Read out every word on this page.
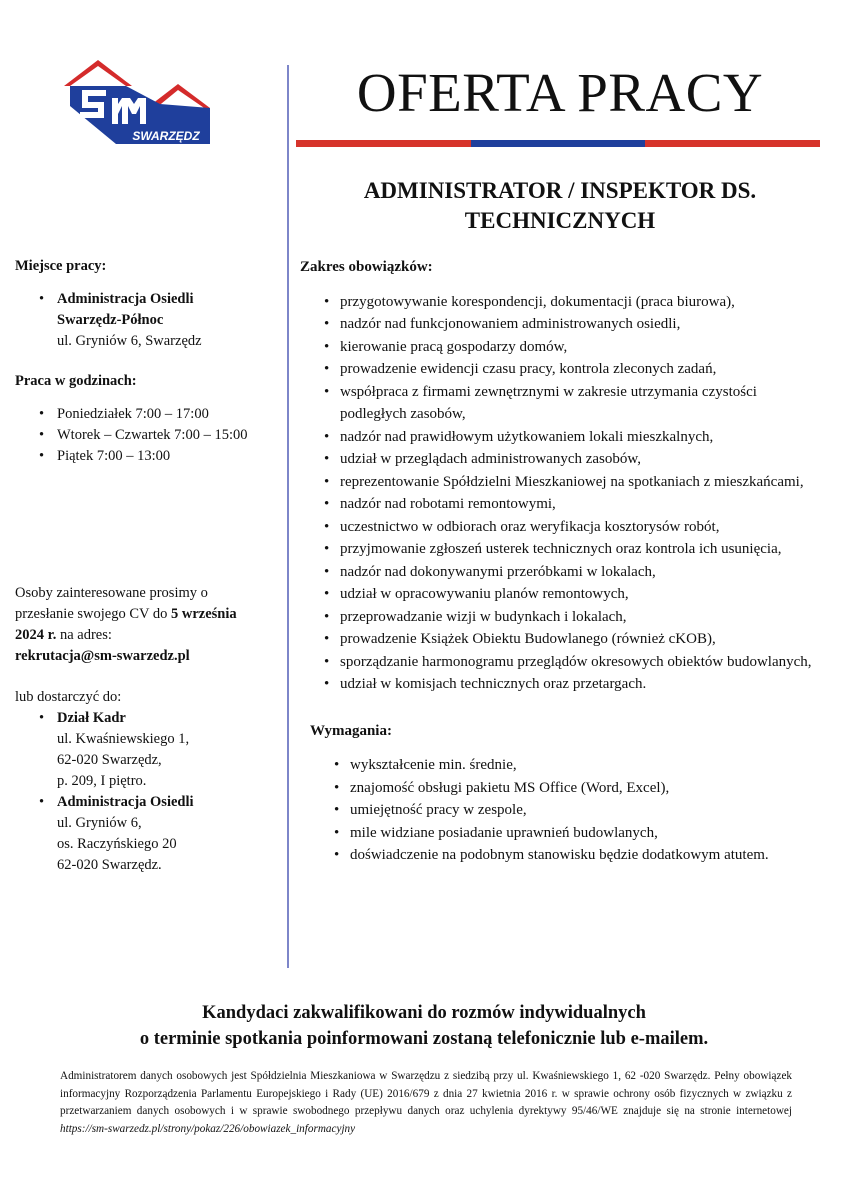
SWARZĘDZ
OFERTA PRACY
ADMINISTRATOR / INSPEKTOR DS.
TECHNICZNYCH

Miejsce pracy:

• Administracja Osiedli
Swarzędz-Północ
ul. Gryniów 6, Swarzędz

Praca w godzinach:

• Poniedziałek 7:00 – 17:00
• Wtorek – Czwartek 7:00 – 15:00
• Piątek 7:00 – 13:00
Osoby zainteresowane prosimy o
przesłanie swojego CV do 5 września
2024 r. na adres:
rekrutacja@sm-swarzedz.pl
lub dostarczyć do:
• Dział Kadr
ul. Kwaśniewskiego 1,
62-020 Swarzędz,
p. 209, I piętro.
• Administracja Osiedli
ul. Gryniów 6,
os. Raczyńskiego 20
62-020 Swarzędz.

Zakres obowiązków:

• przygotowywanie korespondencji, dokumentacji (praca biurowa),
• nadzór nad funkcjonowaniem administrowanych osiedli,
• kierowanie pracą gospodarzy domów,
• prowadzenie ewidencji czasu pracy, kontrola zleconych zadań,
• współpraca z firmami zewnętrznymi w zakresie utrzymania czystości podległych zasobów,
• nadzór nad prawidłowym użytkowaniem lokali mieszkalnych,
• udział w przeglądach administrowanych zasobów,
• reprezentowanie Spółdzielni Mieszkaniowej na spotkaniach z mieszkańcami,
• nadzór nad robotami remontowymi,
• uczestnictwo w odbiorach oraz weryfikacja kosztorysów robót,
• przyjmowanie zgłoszeń usterek technicznych oraz kontrola ich usunięcia,
• nadzór nad dokonywanymi przeróbkami w lokalach,
• udział w opracowywaniu planów remontowych,
• przeprowadzanie wizji w budynkach i lokalach,
• prowadzenie Książek Obiektu Budowlanego (również cKOB),
• sporządzanie harmonogramu przeglądów okresowych obiektów budowlanych,
• udział w komisjach technicznych oraz przetargach.

Wymagania:

• wykształcenie min. średnie,
• znajomość obsługi pakietu MS Office (Word, Excel),
• umiejętność pracy w zespole,
• mile widziane posiadanie uprawnień budowlanych,
• doświadczenie na podobnym stanowisku będzie dodatkowym atutem.
Kandydaci zakwalifikowani do rozmów indywidualnych
o terminie spotkania poinformowani zostaną telefonicznie lub e-mailem.
Administratorem danych osobowych jest Spółdzielnia Mieszkaniowa w Swarzędzu z siedzibą przy ul. Kwaśniewskiego 1, 62 -020 Swarzędz. Pełny obowiązek informacyjny Rozporządzenia Parlamentu Europejskiego i Rady (UE) 2016/679 z dnia 27 kwietnia 2016 r. w sprawie ochrony osób fizycznych w związku z przetwarzaniem danych osobowych i w sprawie swobodnego przepływu danych oraz uchylenia dyrektywy 95/46/WE znajduje się na stronie internetowej https://sm-swarzedz.pl/strony/pokaz/226/obowiazek_informacyjny
